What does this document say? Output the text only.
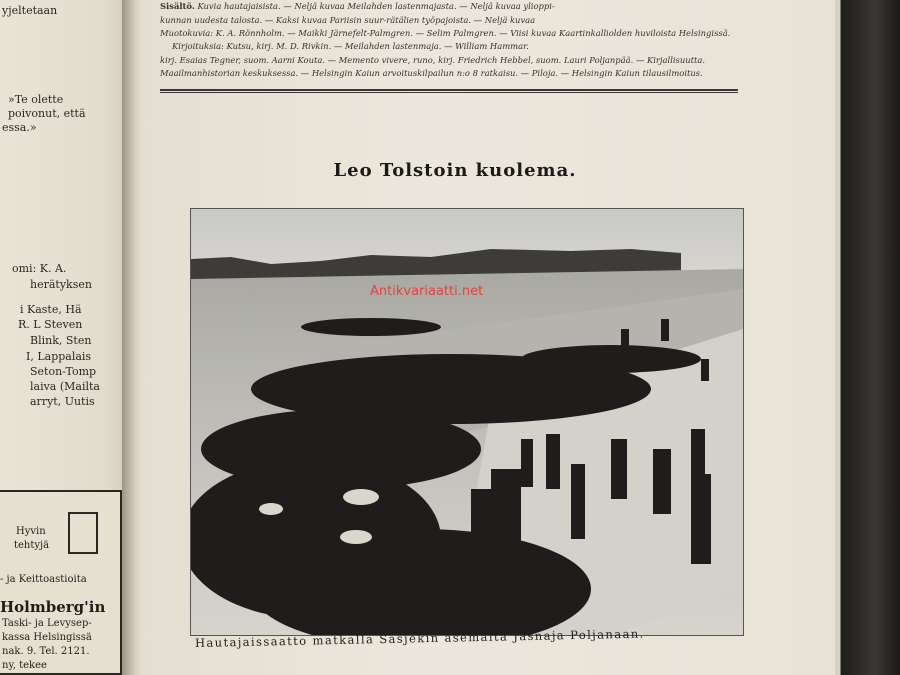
yjeltetaan
»Te olette
poivonut, että
essa.»
omi: K. A.
herätyksen
i Kaste, Hä
R. L Steven
Blink, Sten
I, Lappalais
Seton-Tomp
laiva (Mailta
arryt, Uutis
Hyvin
tehtyjä
- ja Keittoastioita
Holmberg'in
Taski- ja Levysep-
kassa Helsingissä
nak. 9. Tel. 2121.
ny, tekee
Sisältö. Kuvia hautajaisista. — Neljä kuvaa Meilahden lastenmajasta. — Neljä kuvaa ylioppi-
kunnan uudesta talosta. — Kaksi kuvaa Pariisin suur-rätälien työpajoista. — Neljä kuvaa
Muotokuvia: K. A. Rönnholm. — Maikki Järnefelt-Palmgren. — Selim Palmgren. — Viisi kuvaa Kaartinkalliolden huviloista Helsingissä.
Kirjoituksia: Kutsu, kirj. M. D. Rivkin. — Meilahden lastenmaja. — William Hammar.
kirj. Esaias Tegner, suom. Aarni Kouta. — Memento vivere, runo, kirj. Friedrich Hebbel, suom. Lauri Poljanpää. — Kirjallisuutta.
Maailmanhistorian keskuksessa. — Helsingin Kaiun arvoituskilpailun n:o 8 ratkaisu. — Piloja. — Helsingin Kaiun tilausilmoitus.
Leo Tolstoin kuolema.
Antikvariaatti.net
Hautajaissaatto matkalla Sasjekin asemalta Jasnaja Poljanaan.
